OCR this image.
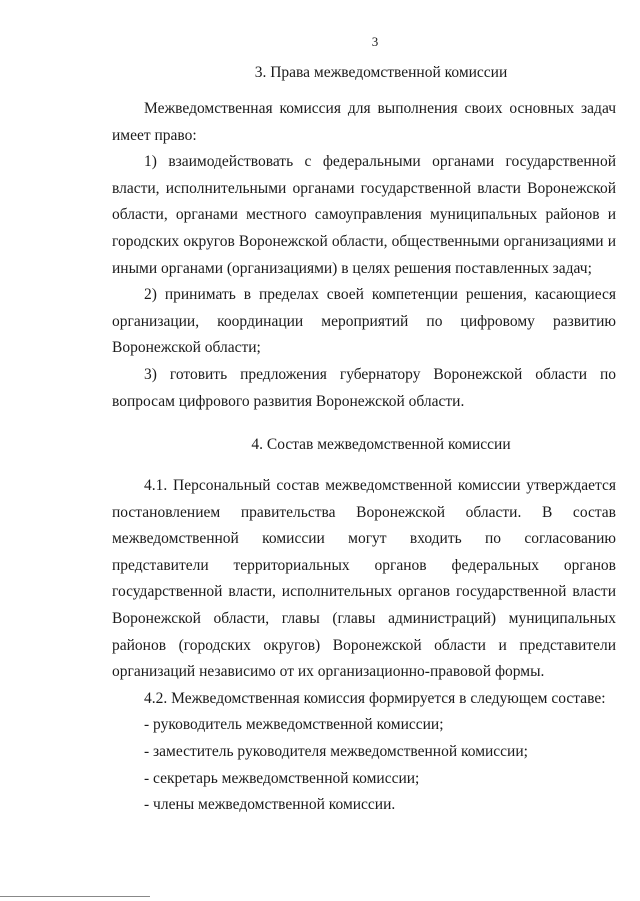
3
3. Права межведомственной комиссии

Межведомственная комиссия для выполнения своих основных задач имеет право:

1) взаимодействовать с федеральными органами государственной власти, исполнительными органами государственной власти Воронежской области, органами местного самоуправления муниципальных районов и городских округов Воронежской области, общественными организациями и иными органами (организациями) в целях решения поставленных задач;

2) принимать в пределах своей компетенции решения, касающиеся организации, координации мероприятий по цифровому развитию Воронежской области;

3) готовить предложения губернатору Воронежской области по вопросам цифрового развития Воронежской области.

4. Состав межведомственной комиссии

4.1. Персональный состав межведомственной комиссии утверждается постановлением правительства Воронежской области. В состав межведомственной комиссии могут входить по согласованию представители территориальных органов федеральных органов государственной власти, исполнительных органов государственной власти Воронежской области, главы (главы администраций) муниципальных районов (городских округов) Воронежской области и представители организаций независимо от их организационно-правовой формы.

4.2. Межведомственная комиссия формируется в следующем составе:

- руководитель межведомственной комиссии;

- заместитель руководителя межведомственной комиссии;

- секретарь межведомственной комиссии;

- члены межведомственной комиссии.
